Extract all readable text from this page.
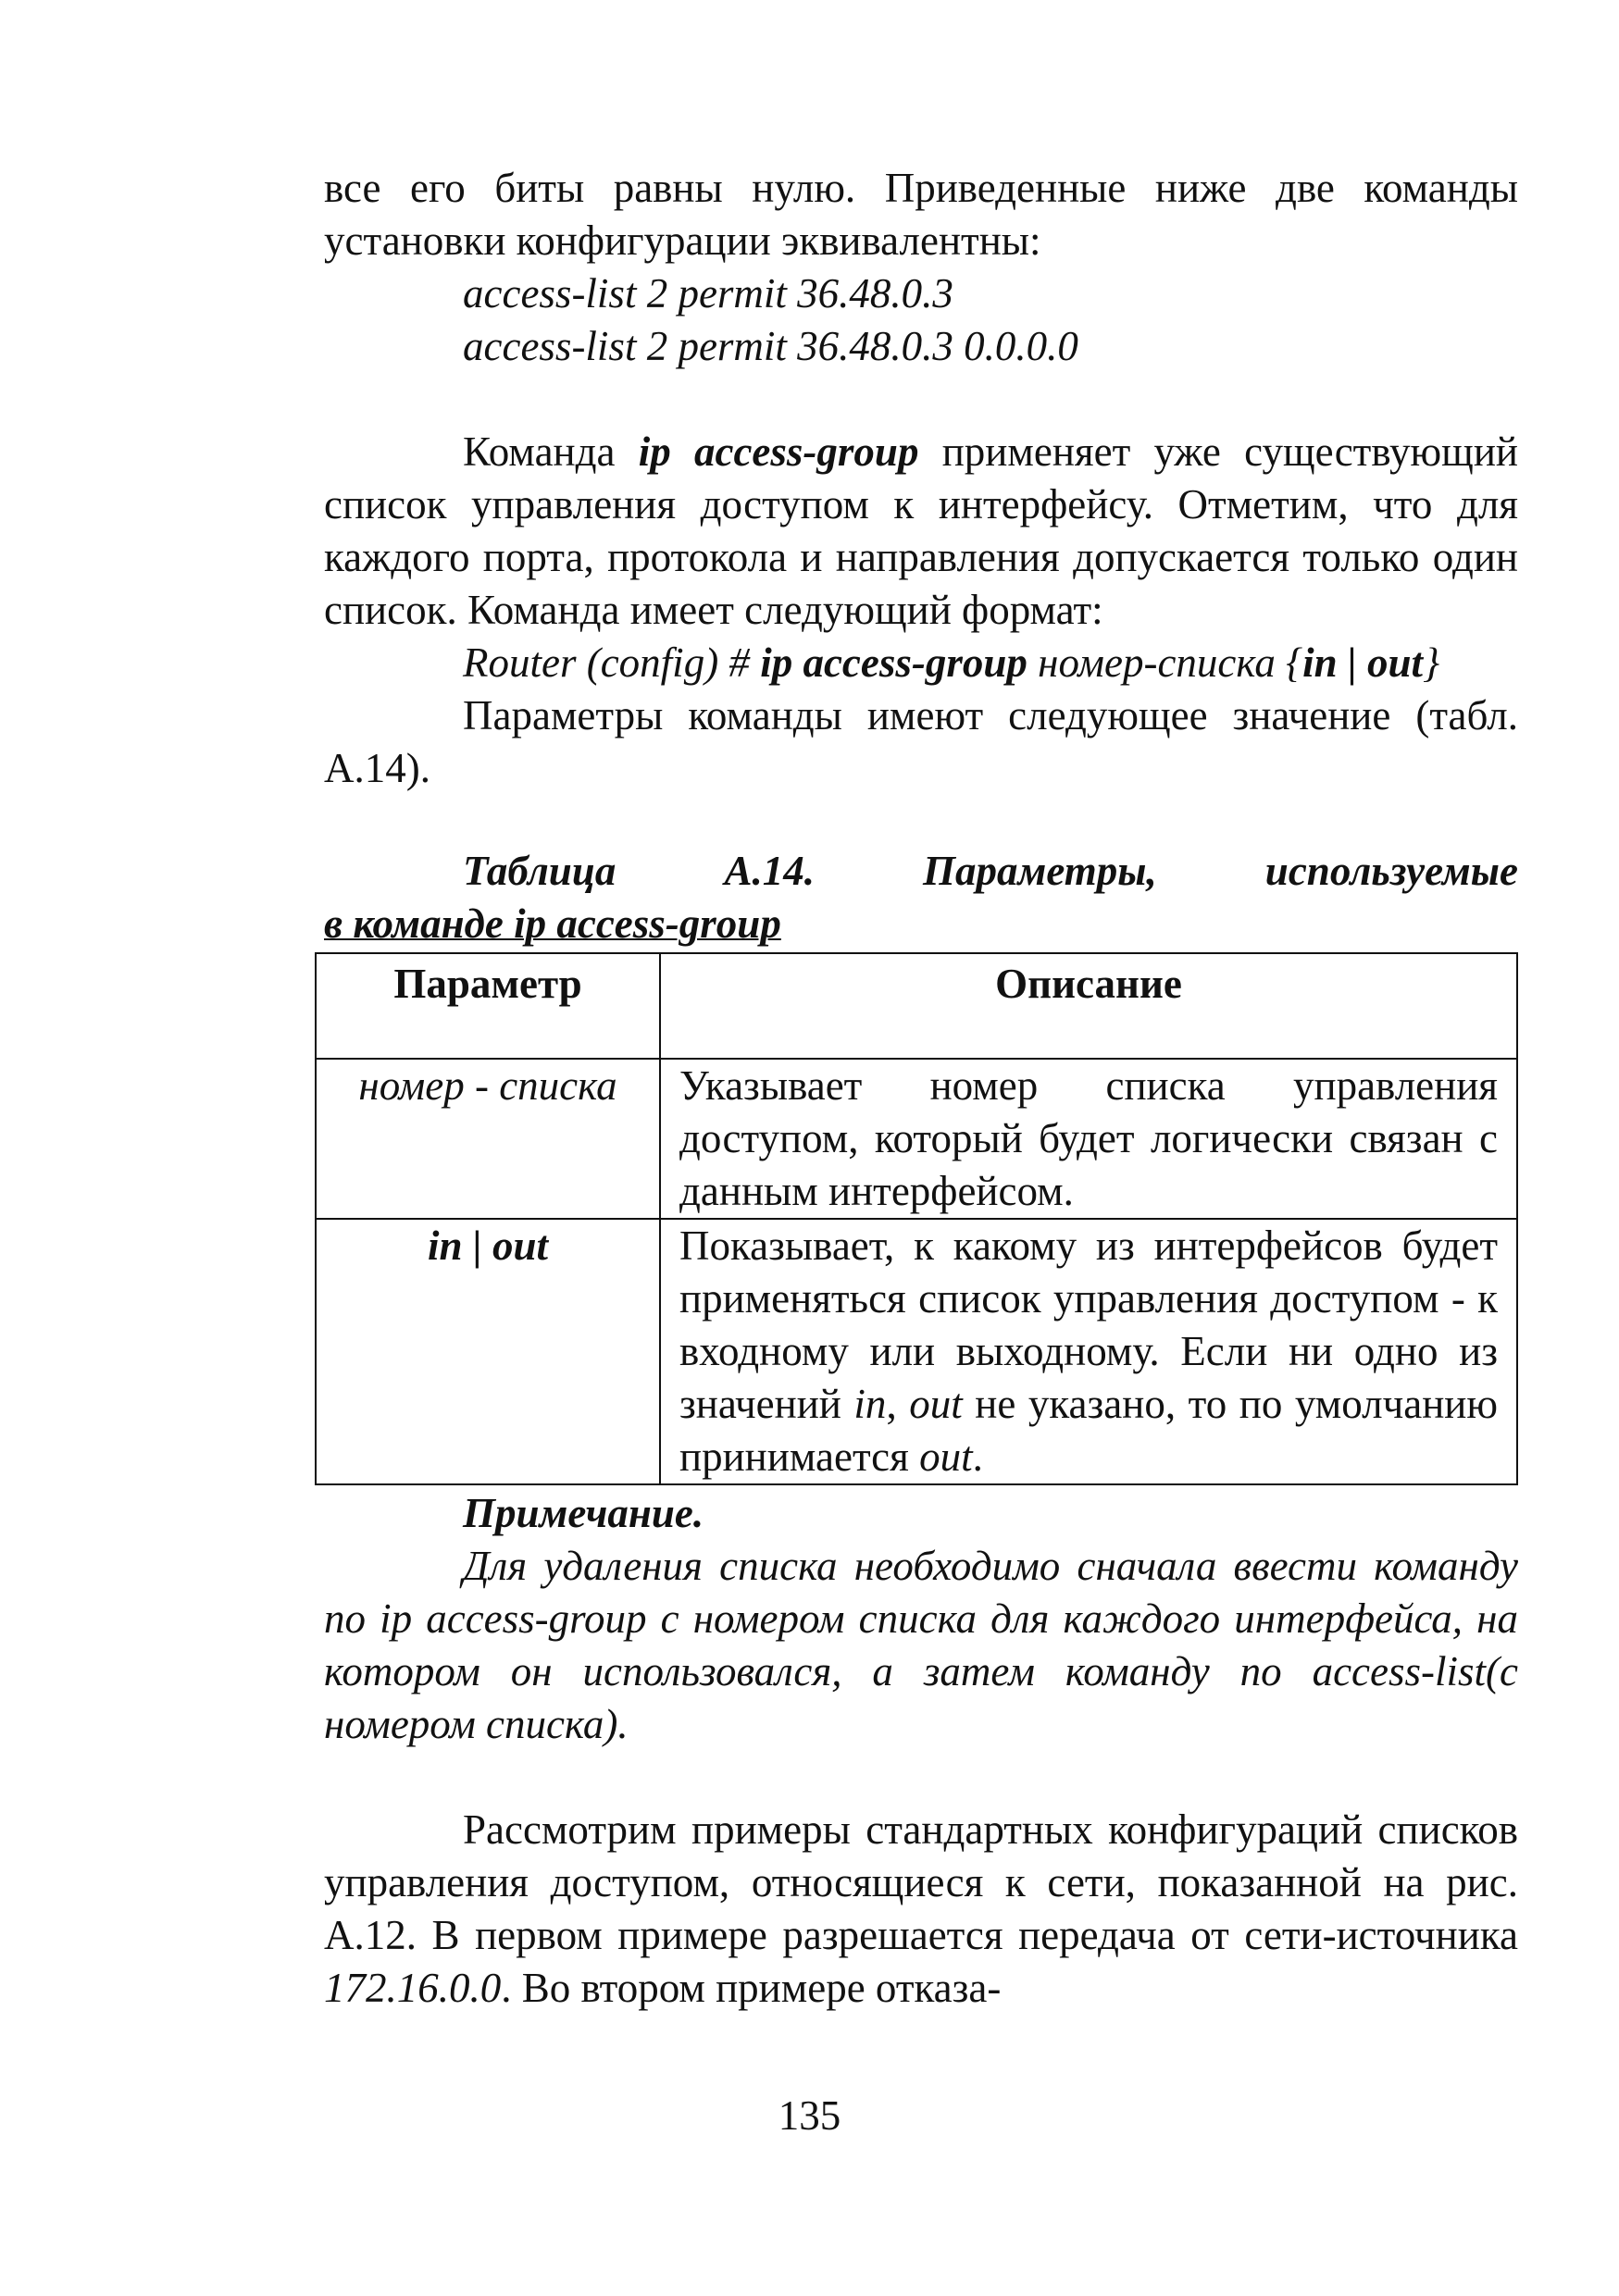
все его биты равны нулю. Приведенные ниже две команды установки конфигурации эквивалентны:

access-list 2 permit 36.48.0.3

access-list 2 permit 36.48.0.3 0.0.0.0

Команда ip access-group применяет уже существующий список управления доступом к интерфейсу. Отметим, что для каждого порта, протокола и направления допускается только один список. Команда имеет следующий формат:

Router (config) # ip access-group номер-списка {in | out}

Параметры команды имеют следующее значение (табл. А.14).

Таблица	А.14.	Параметры,	используемые
в команде ip access-group
Параметр	Описание
номер - списка	Указывает номер списка управления доступом, который будет логически связан с данным интерфейсом.
in | out	Показывает, к какому из интерфейсов будет применяться список управления доступом - к входному или выходному. Если ни одно из значений in, out не указано, то по умолчанию принимается out.

Примечание.

Для удаления списка необходимо сначала ввести команду no ip access-group с номером списка для каждого интерфейса, на котором он использовался, а затем команду no access-list(с номером списка).

Рассмотрим примеры стандартных конфигураций списков управления доступом, относящиеся к сети, показанной на рис. А.12. В первом примере разрешается передача от сети-источника 172.16.0.0. Во втором примере отказа-

135
